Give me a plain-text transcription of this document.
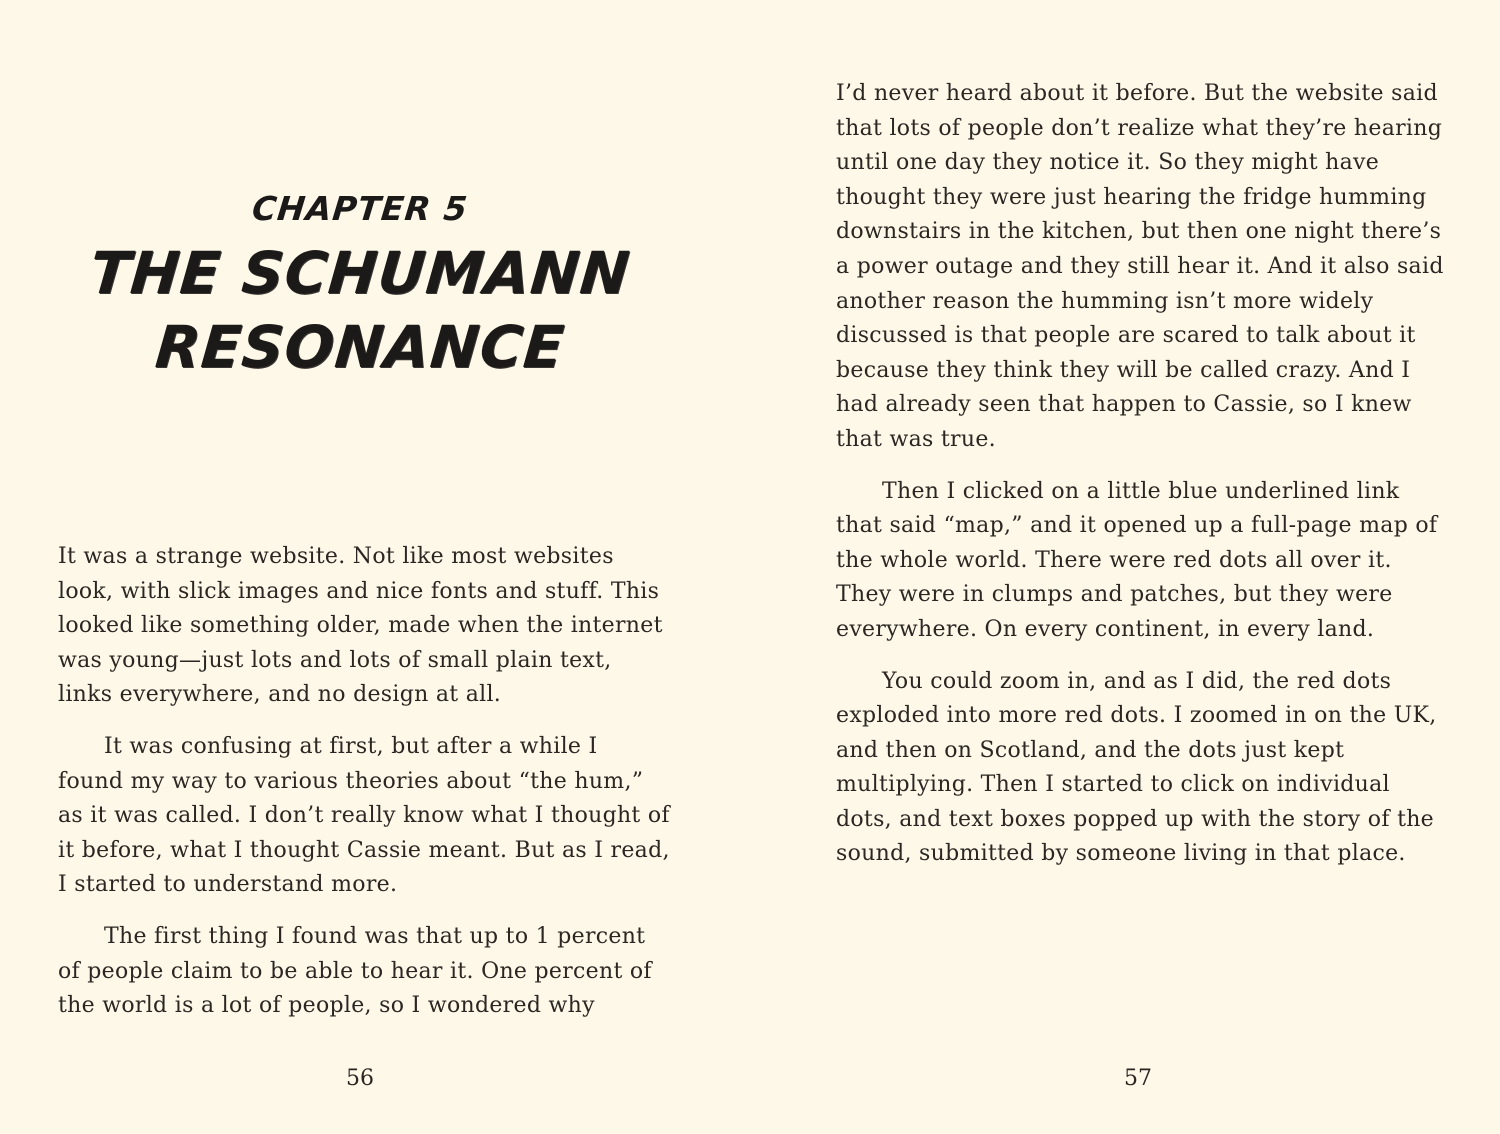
CHAPTER 5
THE SCHUMANN
RESONANCE

It was a strange website. Not like most websites look, with slick images and nice fonts and stuff. This looked like something older, made when the internet was young—just lots and lots of small plain text, links everywhere, and no design at all.

It was confusing at first, but after a while I found my way to various theories about “the hum,” as it was called. I don’t really know what I thought of it before, what I thought Cassie meant. But as I read, I started to understand more.

The first thing I found was that up to 1 percent of people claim to be able to hear it. One percent of the world is a lot of people, so I wondered why

56

I’d never heard about it before. But the website said that lots of people don’t realize what they’re hearing until one day they notice it. So they might have thought they were just hearing the fridge humming downstairs in the kitchen, but then one night there’s a power outage and they still hear it. And it also said another reason the humming isn’t more widely discussed is that people are scared to talk about it because they think they will be called crazy. And I had already seen that happen to Cassie, so I knew that was true.

Then I clicked on a little blue underlined link that said “map,” and it opened up a full-page map of the whole world. There were red dots all over it. They were in clumps and patches, but they were everywhere. On every continent, in every land.

You could zoom in, and as I did, the red dots exploded into more red dots. I zoomed in on the UK, and then on Scotland, and the dots just kept multiplying. Then I started to click on individual dots, and text boxes popped up with the story of the sound, submitted by someone living in that place.

57
